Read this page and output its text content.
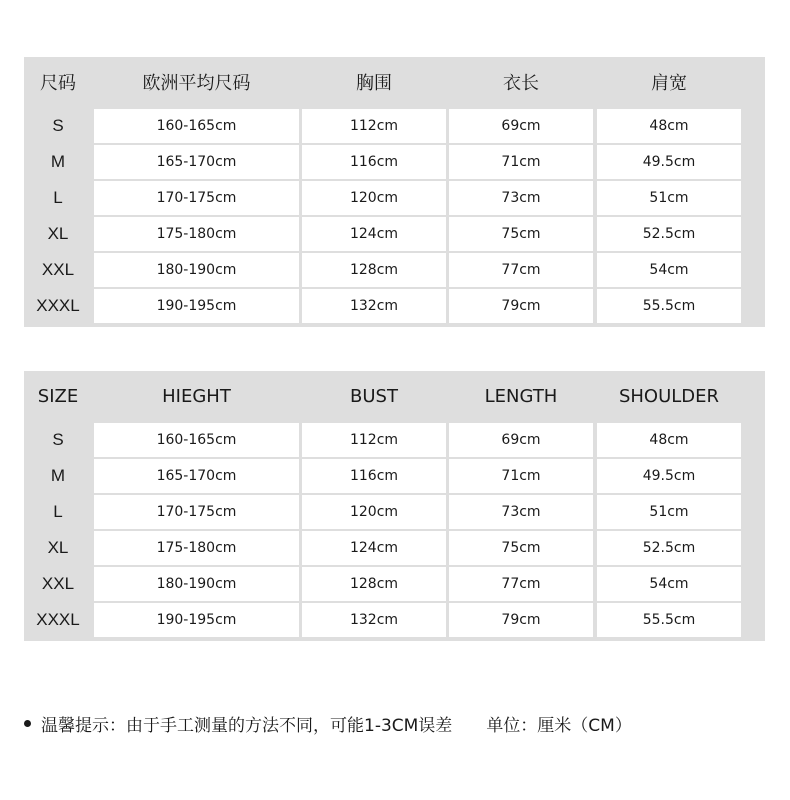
尺码	欧洲平均尺码	胸围	衣长	肩宽
S	160-165cm	112cm	69cm	48cm
M	165-170cm	116cm	71cm	49.5cm
L	170-175cm	120cm	73cm	51cm
XL	175-180cm	124cm	75cm	52.5cm
XXL	180-190cm	128cm	77cm	54cm
XXXL	190-195cm	132cm	79cm	55.5cm
SIZE	HIEGHT	BUST	LENGTH	SHOULDER
S	160-165cm	112cm	69cm	48cm
M	165-170cm	116cm	71cm	49.5cm
L	170-175cm	120cm	73cm	51cm
XL	175-180cm	124cm	75cm	52.5cm
XXL	180-190cm	128cm	77cm	54cm
XXXL	190-195cm	132cm	79cm	55.5cm
温馨提示：由于手工测量的方法不同，可能1-3CM误差 单位：厘米（CM）
